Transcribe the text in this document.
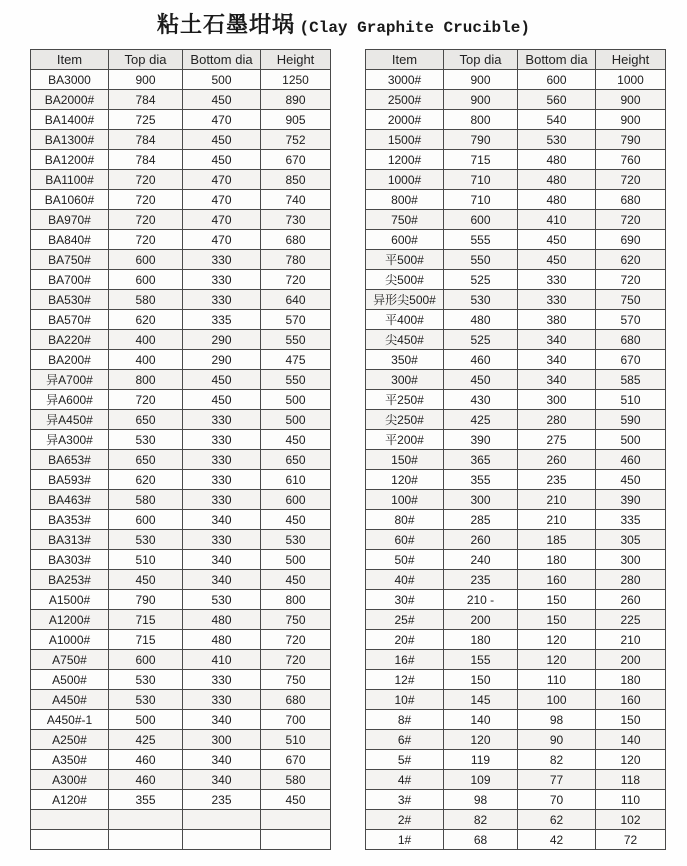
粘土石墨坩埚 (Clay Graphite Crucible)
Item	Top dia	Bottom dia	Height
BA3000	900	500	1250
BA2000#	784	450	890
BA1400#	725	470	905
BA1300#	784	450	752
BA1200#	784	450	670
BA1100#	720	470	850
BA1060#	720	470	740
BA970#	720	470	730
BA840#	720	470	680
BA750#	600	330	780
BA700#	600	330	720
BA530#	580	330	640
BA570#	620	335	570
BA220#	400	290	550
BA200#	400	290	475
异A700#	800	450	550
异A600#	720	450	500
异A450#	650	330	500
异A300#	530	330	450
BA653#	650	330	650
BA593#	620	330	610
BA463#	580	330	600
BA353#	600	340	450
BA313#	530	330	530
BA303#	510	340	500
BA253#	450	340	450
A1500#	790	530	800
A1200#	715	480	750
A1000#	715	480	720
A750#	600	410	720
A500#	530	330	750
A450#	530	330	680
A450#-1	500	340	700
A250#	425	300	510
A350#	460	340	670
A300#	460	340	580
A120#	355	235	450

Item	Top dia	Bottom dia	Height
3000#	900	600	1000
2500#	900	560	900
2000#	800	540	900
1500#	790	530	790
1200#	715	480	760
1000#	710	480	720
800#	710	480	680
750#	600	410	720
600#	555	450	690
平500#	550	450	620
尖500#	525	330	720
异形尖500#	530	330	750
平400#	480	380	570
尖450#	525	340	680
350#	460	340	670
300#	450	340	585
平250#	430	300	510
尖250#	425	280	590
平200#	390	275	500
150#	365	260	460
120#	355	235	450
100#	300	210	390
80#	285	210	335
60#	260	185	305
50#	240	180	300
40#	235	160	280
30#	210 -	150	260
25#	200	150	225
20#	180	120	210
16#	155	120	200
12#	150	110	180
10#	145	100	160
8#	140	98	150
6#	120	90	140
5#	119	82	120
4#	109	77	118
3#	98	70	110
2#	82	62	102
1#	68	42	72
